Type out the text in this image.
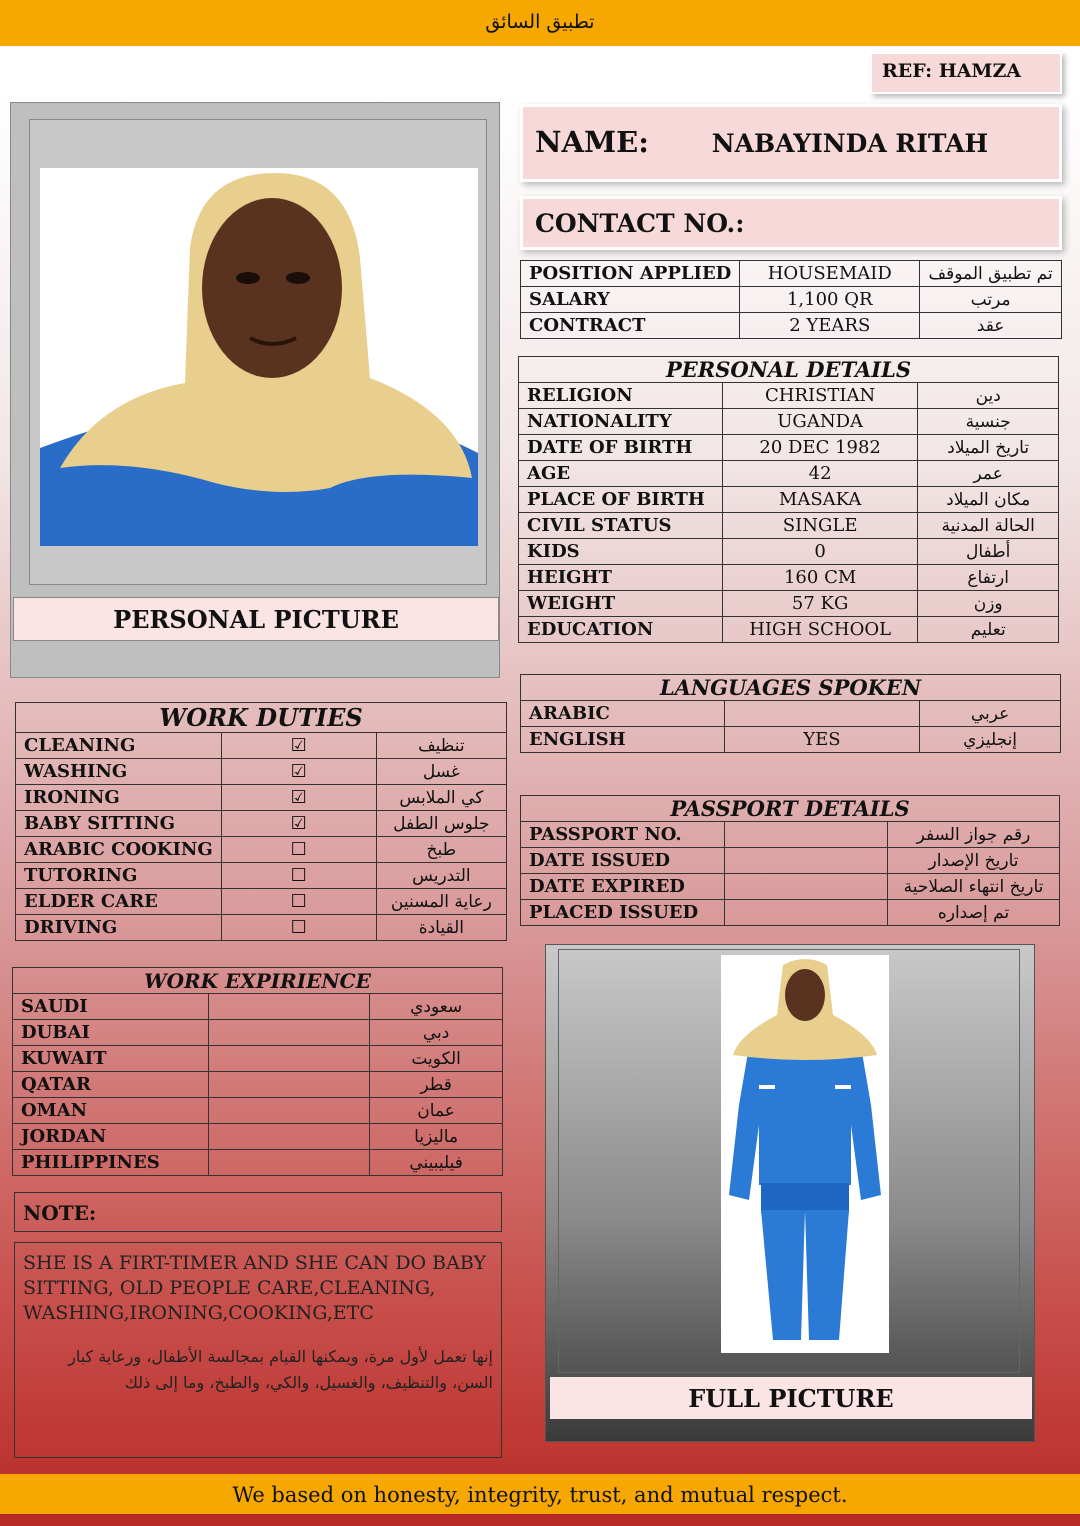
تطبيق السائق
REF: HAMZA
NAME:	NABAYINDA RITAH
CONTACT NO.:
PERSONAL PICTURE
POSITION APPLIED	HOUSEMAID	تم تطبيق الموقف
SALARY	1,100 QR	مرتب
CONTRACT	2 YEARS	عقد
PERSONAL DETAILS		
RELIGION	CHRISTIAN	دين
NATIONALITY	UGANDA	جنسية
DATE OF BIRTH	20 DEC 1982	تاريخ الميلاد
AGE	42	عمر
PLACE OF BIRTH	MASAKA	مكان الميلاد
CIVIL STATUS	SINGLE	الحالة المدنية
KIDS	0	أطفال
HEIGHT	160 CM	ارتفاع
WEIGHT	57 KG	وزن
EDUCATION	HIGH SCHOOL	تعليم
WORK DUTIES		
CLEANING	☑	تنظيف
WASHING	☑	غسل
IRONING	☑	كي الملابس
BABY SITTING	☑	جلوس الطفل
ARABIC COOKING	☐	طبخ
TUTORING	☐	التدريس
ELDER CARE	☐	رعاية المسنين
DRIVING	☐	القيادة
LANGUAGES SPOKEN		
ARABIC		عربي
ENGLISH	YES	إنجليزي
PASSPORT DETAILS		
PASSPORT NO.		رقم جواز السفر
DATE ISSUED		تاريخ الإصدار
DATE EXPIRED		تاريخ انتهاء الصلاحية
PLACED ISSUED		تم إصداره
WORK EXPIRIENCE		
SAUDI		سعودي
DUBAI		دبي
KUWAIT		الكويت
QATAR		قطر
OMAN		عمان
JORDAN		ماليزيا
PHILIPPINES		فيليبيني
FULL PICTURE
NOTE:
SHE IS A FIRT-TIMER AND SHE CAN DO BABY SITTING, OLD PEOPLE CARE,CLEANING, WASHING,IRONING,COOKING,ETC
إنها تعمل لأول مرة، ويمكنها القيام بمجالسة الأطفال، ورعاية كبار السن، والتنظيف، والغسيل، والكي، والطبخ، وما إلى ذلك
We based on honesty, integrity, trust, and mutual respect.
